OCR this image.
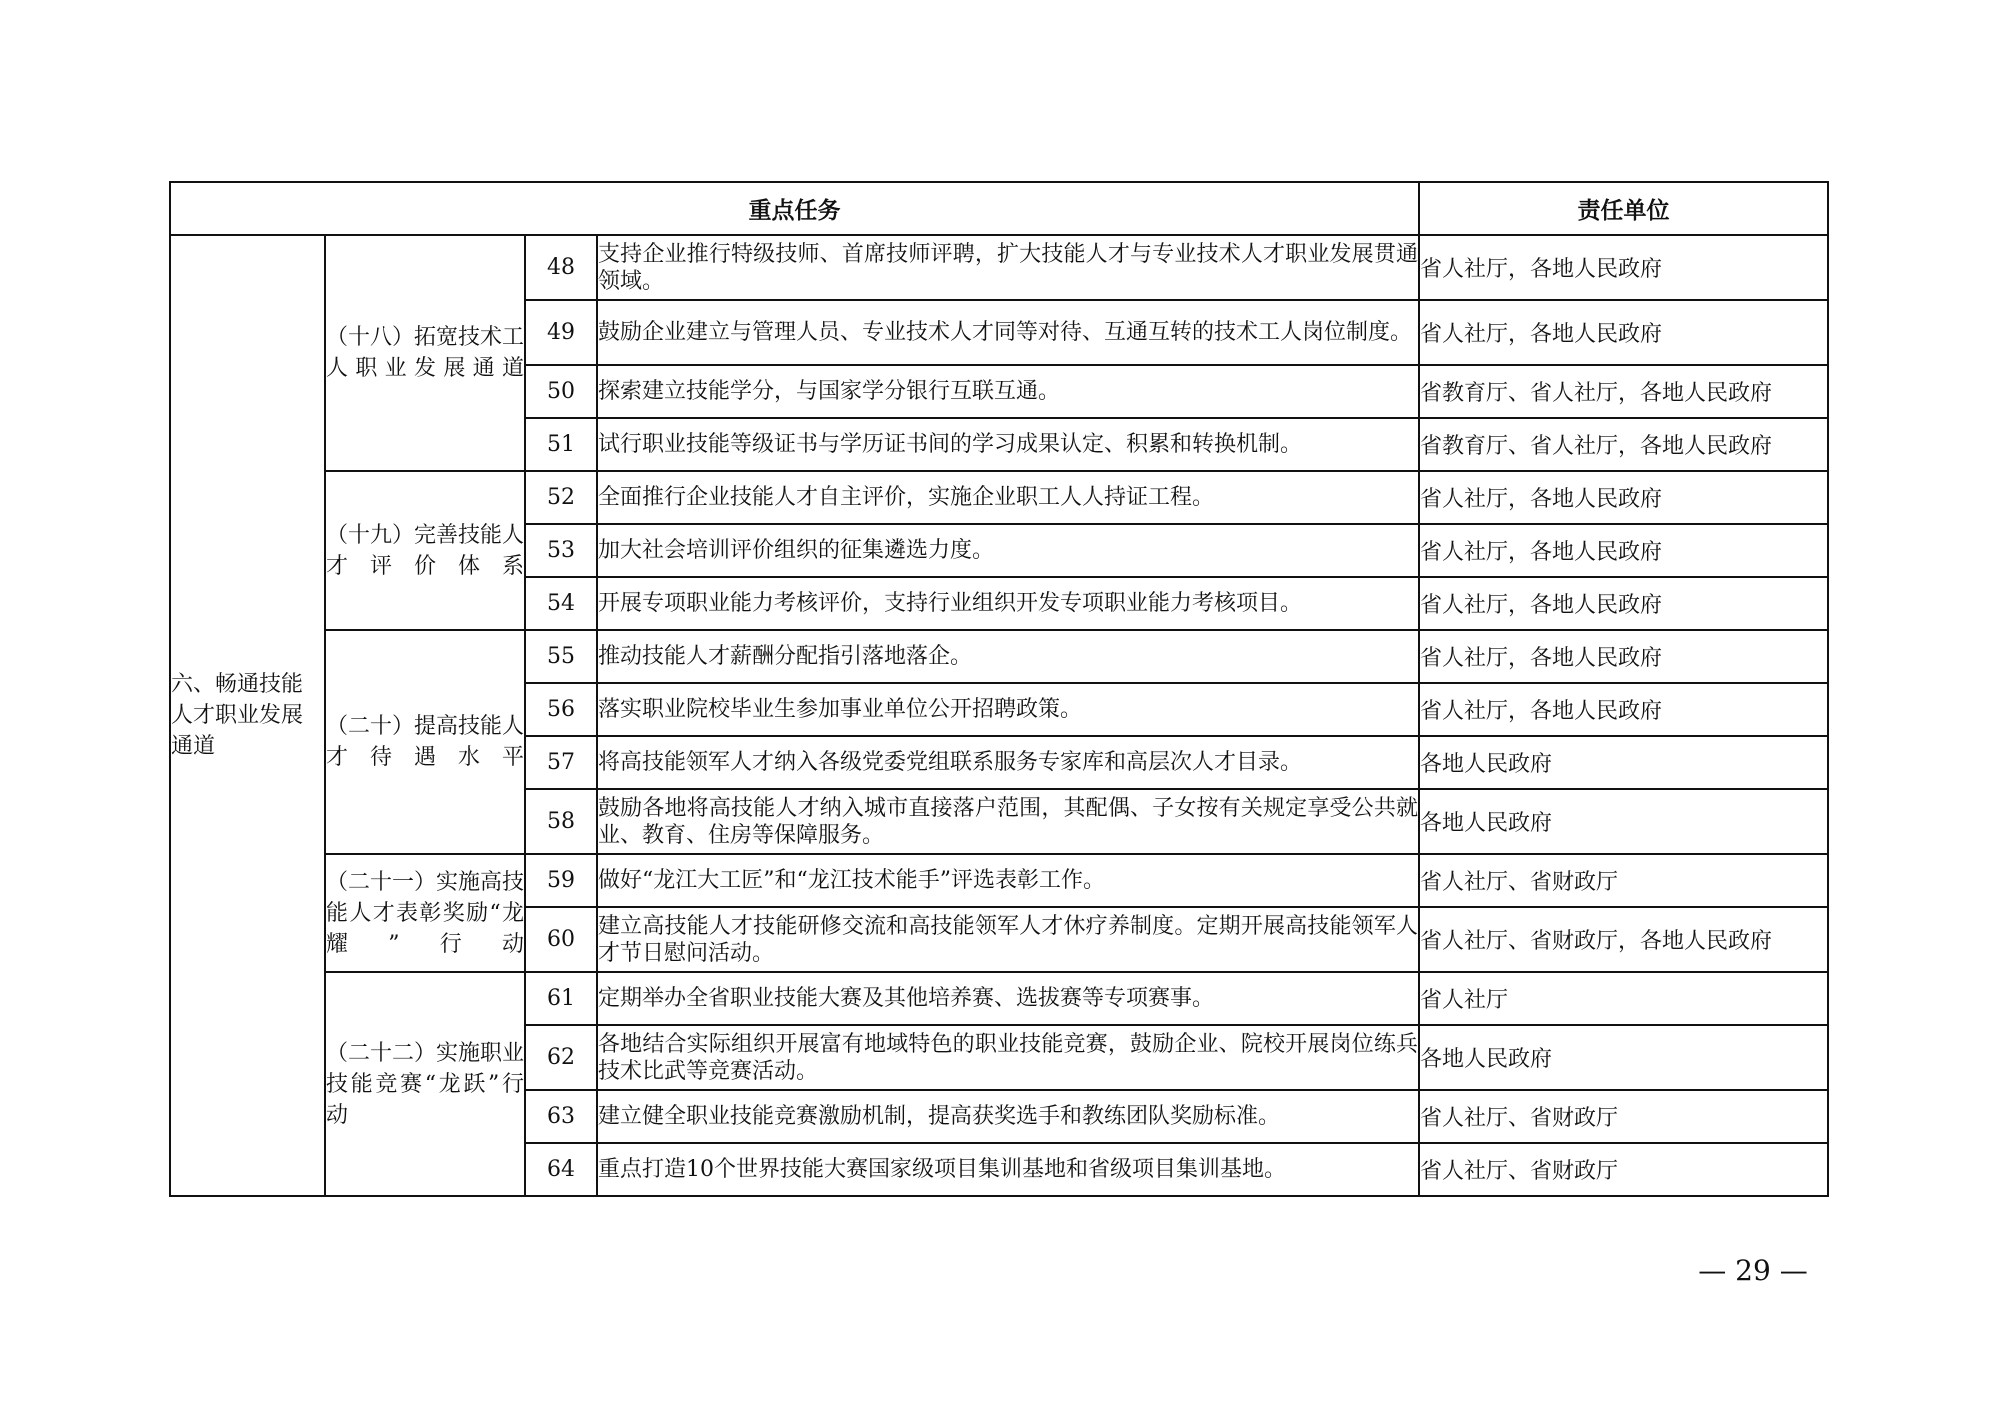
重点任务				责任单位
六、畅通技能人才职业发展通道	（十八）拓宽技术工人职业发展通道	48	支持企业推行特级技师、首席技师评聘，扩大技能人才与专业技术人才职业发展贯通领域。	省人社厅，各地人民政府
		49	鼓励企业建立与管理人员、专业技术人才同等对待、互通互转的技术工人岗位制度。	省人社厅，各地人民政府
		50	探索建立技能学分，与国家学分银行互联互通。	省教育厅、省人社厅，各地人民政府
		51	试行职业技能等级证书与学历证书间的学习成果认定、积累和转换机制。	省教育厅、省人社厅，各地人民政府
	（十九）完善技能人才评价体系	52	全面推行企业技能人才自主评价，实施企业职工人人持证工程。	省人社厅，各地人民政府
		53	加大社会培训评价组织的征集遴选力度。	省人社厅，各地人民政府
		54	开展专项职业能力考核评价，支持行业组织开发专项职业能力考核项目。	省人社厅，各地人民政府
	（二十）提高技能人才待遇水平	55	推动技能人才薪酬分配指引落地落企。	省人社厅，各地人民政府
		56	落实职业院校毕业生参加事业单位公开招聘政策。	省人社厅，各地人民政府
		57	将高技能领军人才纳入各级党委党组联系服务专家库和高层次人才目录。	各地人民政府
		58	鼓励各地将高技能人才纳入城市直接落户范围，其配偶、子女按有关规定享受公共就业、教育、住房等保障服务。	各地人民政府
	（二十一）实施高技能人才表彰奖励“龙耀”行动	59	做好“龙江大工匠”和“龙江技术能手”评选表彰工作。	省人社厅、省财政厅
		60	建立高技能人才技能研修交流和高技能领军人才休疗养制度。定期开展高技能领军人才节日慰问活动。	省人社厅、省财政厅，各地人民政府
	（二十二）实施职业技能竞赛“龙跃”行动	61	定期举办全省职业技能大赛及其他培养赛、选拔赛等专项赛事。	省人社厅
		62	各地结合实际组织开展富有地域特色的职业技能竞赛，鼓励企业、院校开展岗位练兵技术比武等竞赛活动。	各地人民政府
		63	建立健全职业技能竞赛激励机制，提高获奖选手和教练团队奖励标准。	省人社厅、省财政厅
		64	重点打造10个世界技能大赛国家级项目集训基地和省级项目集训基地。	省人社厅、省财政厅
— 29 —
